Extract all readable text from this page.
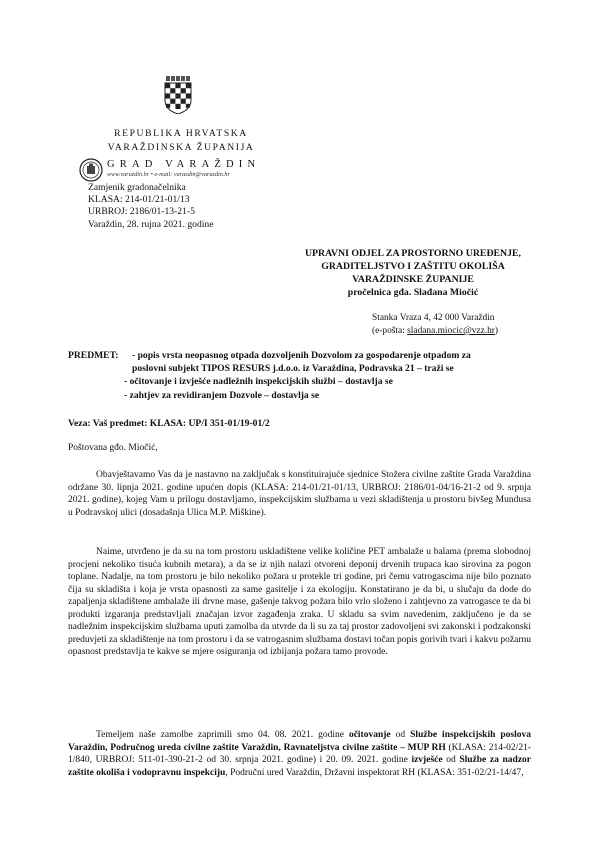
REPUBLIKA HRVATSKA
VARAŽDINSKA ŽUPANIJA
GRAD VARAŽDIN
www.varazdin.hr • e-mail: varazdin@varazdin.hr
Zamjenik gradonačelnika
KLASA: 214-01/21-01/13
URBROJ: 2186/01-13-21-5
Varaždin, 28. rujna 2021. godine
UPRAVNI ODJEL ZA PROSTORNO UREĐENJE,
GRADITELJSTVO I ZAŠTITU OKOLIŠA
VARAŽDINSKE ŽUPANIJE
pročelnica gđa. Slađana Miočić
Stanka Vraza 4, 42 000 Varaždin
(e-pošta: sladana.miocic@vzz.hr)
PREDMET: - popis vrsta neopasnog otpada dozvoljenih Dozvolom za gospodarenje otpadom za
poslovni subjekt TIPOS RESURS j.d.o.o. iz Varaždina, Podravska 21 – traži se
- očitovanje i izvješće nadležnih inspekcijskih službi – dostavlja se
- zahtjev za revidiranjem Dozvole – dostavlja se
Veza: Vaš predmet: KLASA: UP/I 351-01/19-01/2
Poštovana gđo. Miočić,
Obavještavamo Vas da je nastavno na zaključak s konstituirajuće sjednice Stožera civilne zaštite Grada Varaždina održane 30. lipnja 2021. godine upućen dopis (KLASA: 214-01/21-01/13, URBROJ: 2186/01-04/16-21-2 od 9. srpnja 2021. godine), kojeg Vam u prilogu dostavljamo, inspekcijskim službama u vezi skladištenja u prostoru bivšeg Mundusa u Podravskoj ulici (dosadašnja Ulica M.P. Miškine).
Naime, utvrđeno je da su na tom prostoru uskladištene velike količine PET ambalaže u balama (prema slobodnoj procjeni nekoliko tisuća kubnih metara), a da se iz njih nalazi otvoreni deponij drvenih trupaca kao sirovina za pogon toplane. Nadalje, na tom prostoru je bilo nekoliko požara u protekle tri godine, pri čemu vatrogascima nije bilo poznato čija su skladišta i koja je vrsta opasnosti za same gasitelje i za ekologiju. Konstatirano je da bi, u slučaju da dode do zapaljenja skladištene ambalaže ili drvne mase, gašenje takvog požara bilo vrlo složeno i zahtjevno za vatrogasce te da bi produkti izgaranja predstavljali značajan izvor zagađenja zraka. U skladu sa svim navedenim, zaključeno je da se nadležnim inspekcijskim službama uputi zamolba da utvrde da li su za taj prostor zadovoljeni svi zakonski i podzakonski preduvjeti za skladištenje na tom prostoru i da se vatrogasnim službama dostavi točan popis gorivih tvari i kakvu požarnu opasnost predstavlja te kakve se mjere osiguranja od izbijanja požara tamo provode.
Temeljem naše zamolbe zaprimili smo 04. 08. 2021. godine očitovanje od Službe inspekcijskih poslova Varaždin, Područnog ureda civilne zaštite Varaždin, Ravnateljstva civilne zaštite – MUP RH (KLASA: 214-02/21-1/840, URBROJ: 511-01-390-21-2 od 30. srpnja 2021. godine) i 20. 09. 2021. godine izvješće od Službe za nadzor zaštite okoliša i vodopravnu inspekciju, Područni ured Varaždin, Državni inspektorat RH (KLASA: 351-02/21-14/47,
